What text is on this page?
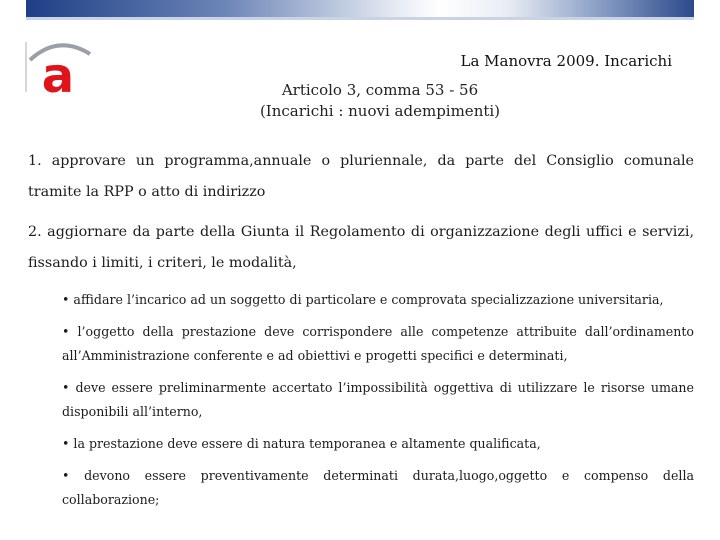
a	La Manovra 2009. Incarichi
Articolo 3, comma 53 - 56
(Incarichi : nuovi adempimenti)

1. approvare un programma,annuale o pluriennale, da parte del Consiglio comunale tramite la RPP o atto di indirizzo

2. aggiornare da parte della Giunta il Regolamento di organizzazione degli uffici e servizi, fissando i limiti, i criteri, le modalità,

• affidare l’incarico ad un soggetto di particolare e comprovata specializzazione universitaria,

• l’oggetto della prestazione deve corrispondere alle competenze attribuite dall’ordinamento all’Amministrazione conferente e ad obiettivi e progetti specifici e determinati,

• deve essere preliminarmente accertato l’impossibilità oggettiva di utilizzare le risorse umane disponibili all’interno,

• la prestazione deve essere di natura temporanea e altamente qualificata,

• devono essere preventivamente determinati durata,luogo,oggetto e compenso della collaborazione;
